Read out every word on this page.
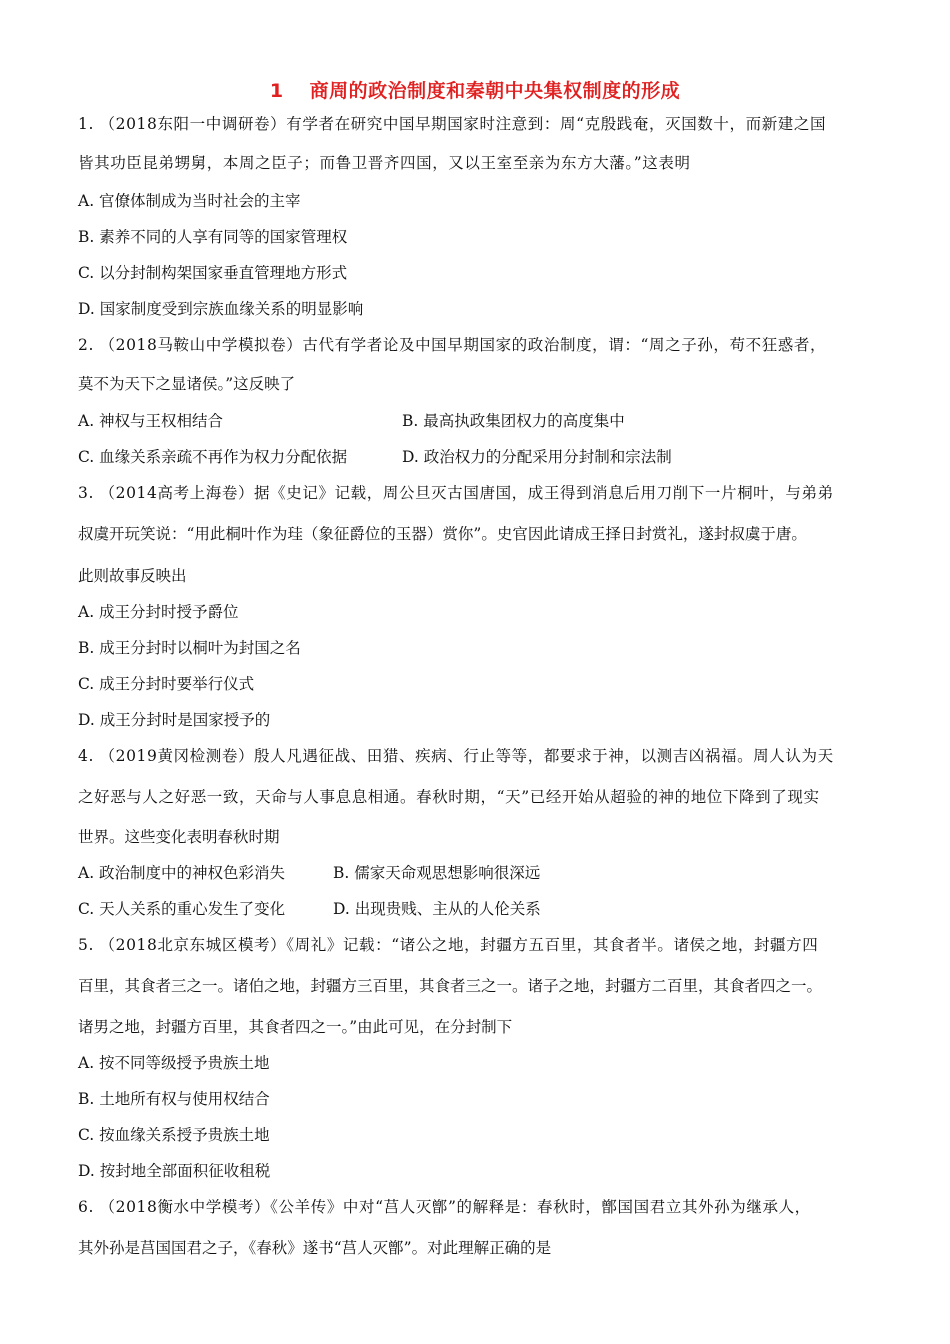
1 商周的政治制度和秦朝中央集权制度的形成
1. （2018东阳一中调研卷）有学者在研究中国早期国家时注意到：周“克殷践奄，灭国数十，而新建之国
皆其功臣昆弟甥舅，本周之臣子；而鲁卫晋齐四国，又以王室至亲为东方大藩。”这表明
A. 官僚体制成为当时社会的主宰
B. 素养不同的人享有同等的国家管理权
C. 以分封制构架国家垂直管理地方形式
D. 国家制度受到宗族血缘关系的明显影响
2. （2018马鞍山中学模拟卷）古代有学者论及中国早期国家的政治制度，谓：“周之子孙，苟不狂惑者，
莫不为天下之显诸侯。”这反映了
A. 神权与王权相结合	B. 最高执政集团权力的高度集中
C. 血缘关系亲疏不再作为权力分配依据	D. 政治权力的分配采用分封制和宗法制
3. （2014高考上海卷）据《史记》记载，周公旦灭古国唐国，成王得到消息后用刀削下一片桐叶，与弟弟
叔虞开玩笑说：“用此桐叶作为珪（象征爵位的玉器）赏你”。史官因此请成王择日封赏礼，遂封叔虞于唐。
此则故事反映出
A. 成王分封时授予爵位
B. 成王分封时以桐叶为封国之名
C. 成王分封时要举行仪式
D. 成王分封时是国家授予的
4. （2019黄冈检测卷）殷人凡遇征战、田猎、疾病、行止等等，都要求于神，以测吉凶祸福。周人认为天
之好恶与人之好恶一致，天命与人事息息相通。春秋时期，“天”已经开始从超验的神的地位下降到了现实
世界。这些变化表明春秋时期
A. 政治制度中的神权色彩消失	B. 儒家天命观思想影响很深远
C. 天人关系的重心发生了变化	D. 出现贵贱、主从的人伦关系
5. （2018北京东城区模考）《周礼》记载：“诸公之地，封疆方五百里，其食者半。诸侯之地，封疆方四
百里，其食者三之一。诸伯之地，封疆方三百里，其食者三之一。诸子之地，封疆方二百里，其食者四之一。
诸男之地，封疆方百里，其食者四之一。”由此可见，在分封制下
A. 按不同等级授予贵族土地
B. 土地所有权与使用权结合
C. 按血缘关系授予贵族土地
D. 按封地全部面积征收租税
6. （2018衡水中学模考）《公羊传》中对“莒人灭鄫”的解释是：春秋时，鄫国国君立其外孙为继承人，
其外孙是莒国国君之子，《春秋》遂书“莒人灭鄫”。对此理解正确的是
